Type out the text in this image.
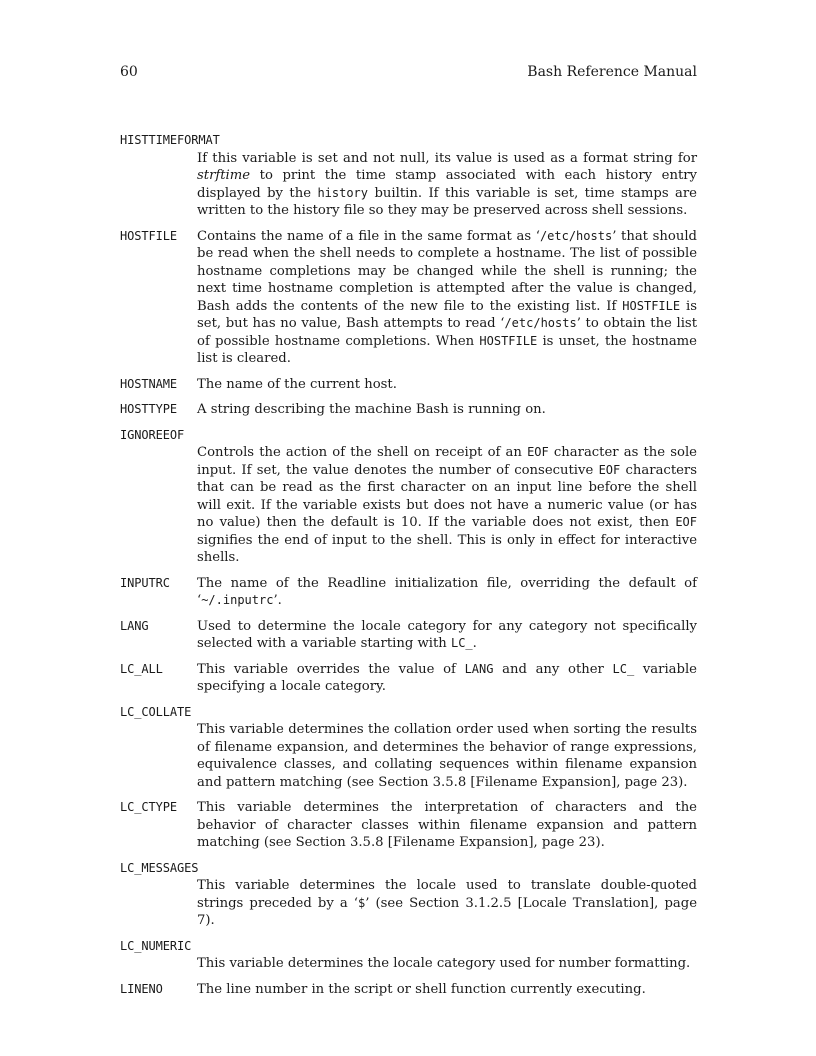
60	Bash Reference Manual
HISTTIMEFORMAT
If this variable is set and not null, its value is used as a format string for strftime to print the time stamp associated with each history entry displayed by the history builtin. If this variable is set, time stamps are written to the history file so they may be preserved across shell sessions.
HOSTFILE	Contains the name of a file in the same format as ‘/etc/hosts’ that should be read when the shell needs to complete a hostname. The list of possible hostname completions may be changed while the shell is running; the next time hostname completion is attempted after the value is changed, Bash adds the contents of the new file to the existing list. If HOSTFILE is set, but has no value, Bash attempts to read ‘/etc/hosts’ to obtain the list of possible hostname completions. When HOSTFILE is unset, the hostname list is cleared.
HOSTNAME	The name of the current host.
HOSTTYPE	A string describing the machine Bash is running on.
IGNOREEOF
Controls the action of the shell on receipt of an EOF character as the sole input. If set, the value denotes the number of consecutive EOF characters that can be read as the first character on an input line before the shell will exit. If the variable exists but does not have a numeric value (or has no value) then the default is 10. If the variable does not exist, then EOF signifies the end of input to the shell. This is only in effect for interactive shells.
INPUTRC	The name of the Readline initialization file, overriding the default of ‘~/.inputrc’.
LANG	Used to determine the locale category for any category not specifically selected with a variable starting with LC_.
LC_ALL	This variable overrides the value of LANG and any other LC_ variable specifying a locale category.
LC_COLLATE
This variable determines the collation order used when sorting the results of filename expansion, and determines the behavior of range expressions, equivalence classes, and collating sequences within filename expansion and pattern matching (see Section 3.5.8 [Filename Expansion], page 23).
LC_CTYPE	This variable determines the interpretation of characters and the behavior of character classes within filename expansion and pattern matching (see Section 3.5.8 [Filename Expansion], page 23).
LC_MESSAGES
This variable determines the locale used to translate double-quoted strings preceded by a ‘$’ (see Section 3.1.2.5 [Locale Translation], page 7).
LC_NUMERIC
This variable determines the locale category used for number formatting.
LINENO	The line number in the script or shell function currently executing.
